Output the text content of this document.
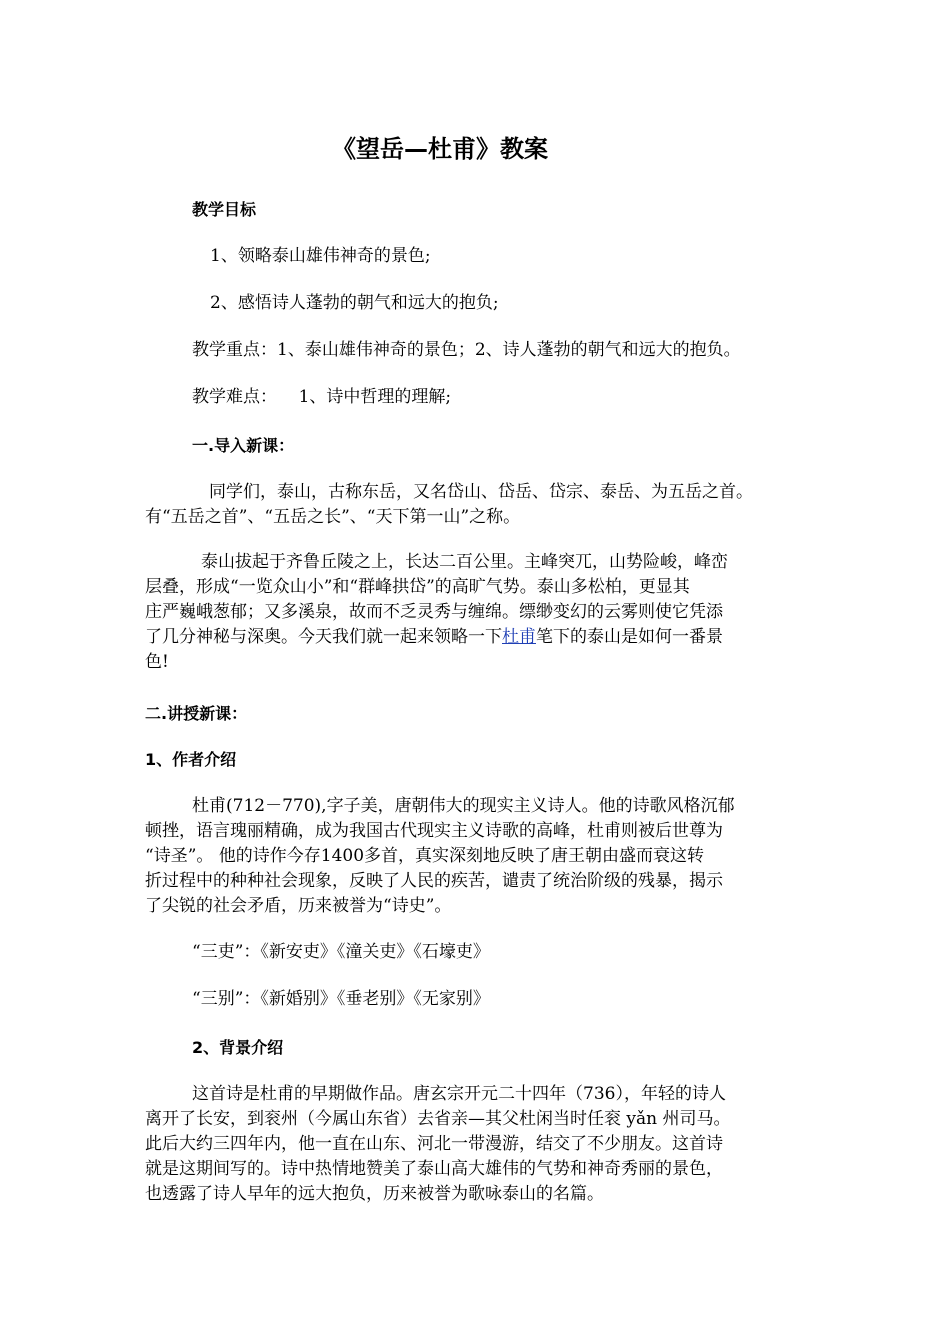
《望岳—杜甫》教案
教学目标
1、领略泰山雄伟神奇的景色;
2、感悟诗人蓬勃的朝气和远大的抱负;
教学重点：1、泰山雄伟神奇的景色；2、诗人蓬勃的朝气和远大的抱负。
教学难点：    1、诗中哲理的理解;
一.导入新课：
同学们，泰山，古称东岳，又名岱山、岱岳、岱宗、泰岳、为五岳之首。
有“五岳之首”、“五岳之长”、“天下第一山”之称。
泰山拔起于齐鲁丘陵之上，长达二百公里。主峰突兀，山势险峻，峰峦
层叠，形成“一览众山小”和“群峰拱岱”的高旷气势。泰山多松柏，更显其
庄严巍峨葱郁；又多溪泉，故而不乏灵秀与缠绵。缥缈变幻的云雾则使它凭添
了几分神秘与深奥。今天我们就一起来领略一下杜甫笔下的泰山是如何一番景
色!
二.讲授新课：
1、作者介绍
杜甫(712－770),字子美，唐朝伟大的现实主义诗人。他的诗歌风格沉郁
顿挫，语言瑰丽精确，成为我国古代现实主义诗歌的高峰，杜甫则被后世尊为
“诗圣”。 他的诗作今存1400多首，真实深刻地反映了唐王朝由盛而衰这转
折过程中的种种社会现象，反映了人民的疾苦，谴责了统治阶级的残暴，揭示
了尖锐的社会矛盾，历来被誉为“诗史”。
“三吏”：《新安吏》《潼关吏》《石壕吏》
“三别”：《新婚别》《垂老别》《无家别》
2、背景介绍
这首诗是杜甫的早期做作品。唐玄宗开元二十四年（736），年轻的诗人
离开了长安，到衮州（今属山东省）去省亲—其父杜闲当时任衮 yǎn 州司马。
此后大约三四年内，他一直在山东、河北一带漫游，结交了不少朋友。这首诗
就是这期间写的。诗中热情地赞美了泰山高大雄伟的气势和神奇秀丽的景色，
也透露了诗人早年的远大抱负，历来被誉为歌咏泰山的名篇。
